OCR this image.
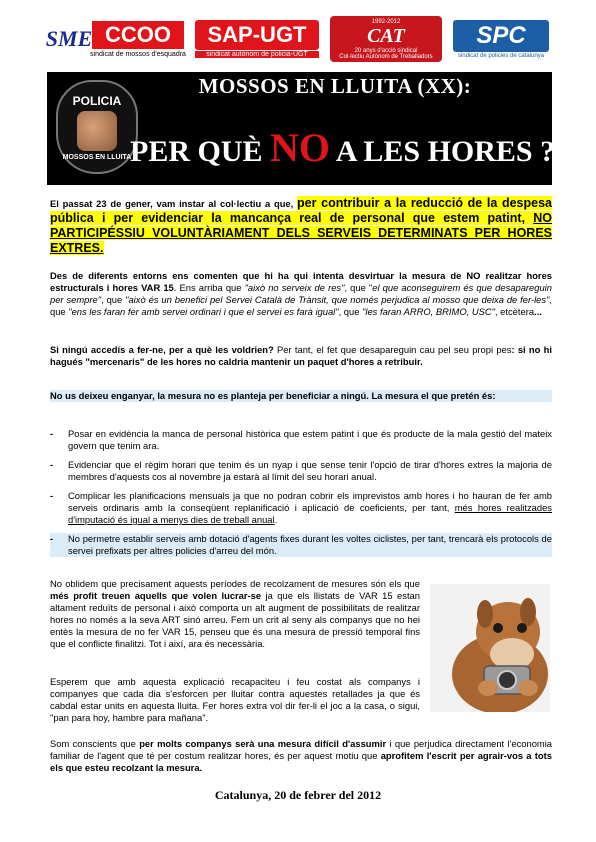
SME CCOO
sindicat de mossos d'esquadra
SAP-UGT
sindicat autònom de policia-UGT
1992-2012
CAT
20 anys d'acció sindical
Col·lectiu Autònom de Treballadors
SPC
sindicat de policies de catalunya
POLICIA
MOSSOS EN LLUITA
MOSSOS EN LLUITA (XX):
PER QUÈ NO A LES HORES ?

El passat 23 de gener, vam instar al col·lectiu a que, per contribuir a la reducció de la despesa pública i per evidenciar la mancança real de personal que estem patint, NO PARTICIPÉSSIU VOLUNTÀRIAMENT DELS SERVEIS DETERMINATS PER HORES EXTRES.

Des de diferents entorns ens comenten que hi ha qui intenta desvirtuar la mesura de NO realitzar hores estructurals i hores VAR 15. Ens arriba que "això no serveix de res", que "el que aconseguirem és que desapareguin per sempre", que "això és un benefici pel Servei Català de Trànsit, que només perjudica al mosso que deixa de fer-les", que "ens les faran fer amb servei ordinari i que el servei es farà igual", que "les faran ARRO, BRIMO, USC", etcètera...

Si ningú accedís a fer-ne, per a què les voldrien? Per tant, el fet que desapareguin cau pel seu propi pes: si no hi hagués "mercenaris" de les hores no caldria mantenir un paquet d'hores a retribuir.

No us deixeu enganyar, la mesura no es planteja per beneficiar a ningú. La mesura el que pretén és:

- Posar en evidència la manca de personal històrica que estem patint i que és producte de la mala gestió del mateix govern que tenim ara.
- Evidenciar que el règim horari que tenim és un nyap i que sense tenir l'opció de tirar d'hores extres la majoria de membres d'aquests cos al novembre ja estarà al límit del seu horari anual.
- Complicar les planificacions mensuals ja que no podran cobrir els imprevistos amb hores i ho hauran de fer amb serveis ordinaris amb la conseqüent replanificació i aplicació de coeficients, per tant, més hores realitzades d'imputació és igual a menys dies de treball anual.
- No permetre establir serveis amb dotació d'agents fixes durant les voltes ciclistes, per tant, trencarà els protocols de servei prefixats per altres policies d'arreu del món.

No oblidem que precisament aquests períodes de recolzament de mesures són els que més profit treuen aquells que volen lucrar-se ja que els llistats de VAR 15 estan altament reduïts de personal i això comporta un alt augment de possibilitats de realitzar hores no només a la seva ART sinó arreu. Fem un crit al seny als companys que no hei entès la mesura de no fer VAR 15, penseu que és una mesura de pressió temporal fins que el conflicte finalitzi. Tot i així, ara és necessària.

Esperem que amb aquesta explicació recapaciteu i feu costat als companys i companyes que cada dia s'esforcen per lluitar contra aquestes retallades ja que és cabdal estar units en aquesta lluita. Fer hores extra vol dir fer-li el joc a la casa, o sigui, "pan para hoy, hambre para mañana".

Som conscients que per molts companys serà una mesura difícil d'assumir i que perjudica directament l'economia familiar de l'agent que té per costum realitzar hores, és per aquest motiu que aprofitem l'escrit per agrair-vos a tots els que esteu recolzant la mesura.

Catalunya, 20 de febrer del 2012
